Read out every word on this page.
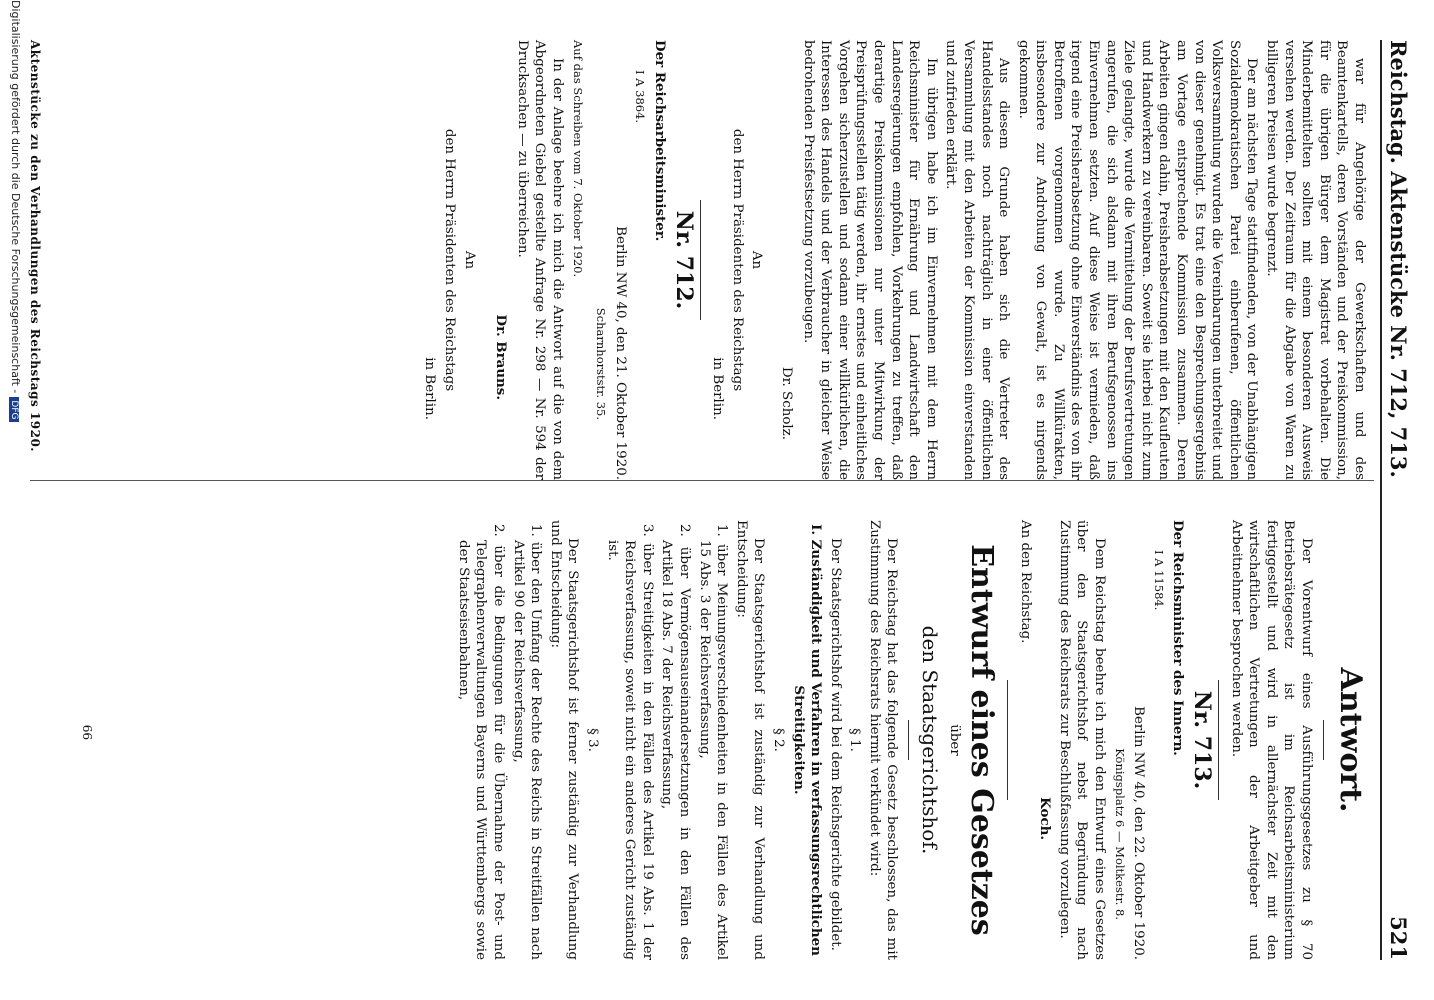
Reichstag. Aktenstücke Nr. 712, 713.
521

war für Angehörige der Gewerkschaften und des Beamtenkartells, deren Vorständen und der Preiskommission, für die übrigen Bürger dem Magistrat vorbehalten. Die Minderbemittelten sollten mit einem besonderen Ausweis versehen werden. Der Zeitraum für die Abgabe von Waren zu billigeren Preisen wurde begrenzt.

Der am nächsten Tage stattfindenden, von der Unabhängigen Sozialdemokratischen Partei einberufenen, öffentlichen Volksversammlung wurden die Vereinbarungen unterbreitet und von dieser genehmigt. Es trat eine den Besprechungsergebnis am Vortage entsprechende Kommission zusammen. Deren Arbeiten gingen dahin, Preisherabsetzungen mit den Kaufleuten und Handwerkern zu vereinbaren. Soweit sie hierbei nicht zum Ziele gelangte, wurde die Vermittelung der Berufsvertretungen angerufen, die sich alsdann mit ihren Berufsgenossen ins Einvernehmen setzten. Auf diese Weise ist vermieden, daß irgend eine Preisherabsetzung ohne Einverständnis des von ihr Betroffenen vorgenommen wurde. Zu Willkürakten, insbesondere zur Androhung von Gewalt, ist es nirgends gekommen.

Aus diesem Grunde haben sich die Vertreter des Handelsstandes noch nachträglich in einer öffentlichen Versammlung mit den Arbeiten der Kommission einverstanden und zufrieden erklärt.

Im übrigen habe ich im Einvernehmen mit dem Herrn Reichsminister für Ernährung und Landwirtschaft den Landesregierungen empfohlen, Vorkehrungen zu treffen, daß derartige Preiskommissionen nur unter Mitwirkung der Preisprüfungsstellen tätig werden, ihr ernstes und einheitliches Vorgehen sicherzustellen und sodann einer willkürlichen, die Interessen des Handels und der Verbraucher in gleicher Weise bedrohenden Preisfestsetzung vorzubeugen.

Dr. Scholz.

An

den Herrn Präsidenten des Reichstags

in Berlin.

Nr. 712.

Der Reichsarbeitsminister.

I A 3864.

Berlin NW 40, den 21. Oktober 1920.

Scharnhorststr. 35.

Auf das Schreiben vom 7. Oktober 1920.

In der Anlage beehre ich mich die Antwort auf die von dem Abgeordneten Giebel gestellte Anfrage Nr. 298 — Nr. 594 der Drucksachen — zu überreichen.

Dr. Brauns.

An

den Herrn Präsidenten des Reichstags

in Berlin.

Antwort.

Der Vorentwurf eines Ausführungsgesetzes zu § 70 Betriebsrätegesetz ist im Reichsarbeitsministerium fertiggestellt und wird in allernächster Zeit mit den wirtschaftlichen Vertretungen der Arbeitgeber und Arbeitnehmer besprochen werden.

Nr. 713.

Der Reichsminister des Innern.

I A 11584.

Berlin NW 40, den 22. Oktober 1920.

Königsplatz 6 — Moltkestr. 8.

Dem Reichstag beehre ich mich den Entwurf eines Gesetzes über den Staatsgerichtshof nebst Begründung nach Zustimmung des Reichsrats zur Beschlußfassung vorzulegen.

Koch.

An den Reichstag.

Entwurf eines Gesetzes

über

den Staatsgerichtshof.

Der Reichstag hat das folgende Gesetz beschlossen, das mit Zustimmung des Reichsrats hiermit verkündet wird:

§ 1.

Der Staatsgerichtshof wird bei dem Reichsgerichte gebildet.

I. Zuständigkeit und Verfahren in verfassungsrechtlichen Streitigkeiten.

§ 2.

Der Staatsgerichtshof ist zuständig zur Verhandlung und Entscheidung:

1. über Meinungsverschiedenheiten in den Fällen des Artikel 15 Abs. 3 der Reichsverfassung,

2. über Vermögensauseinandersetzungen in den Fällen des Artikel 18 Abs. 7 der Reichsverfassung,

3. über Streitigkeiten in den Fällen des Artikel 19 Abs. 1 der Reichsverfassung, soweit nicht ein anderes Gericht zuständig ist.

§ 3.

Der Staatsgerichtshof ist ferner zuständig zur Verhandlung und Entscheidung:

1. über den Umfang der Rechte des Reichs in Streitfällen nach Artikel 90 der Reichsverfassung,

2. über die Bedingungen für die Übernahme der Post- und Telegraphenverwaltungen Bayerns und Württembergs sowie der Staatseisenbahnen,

Aktenstücke zu den Verhandlungen des Reichstags 1920.
66
Digitalisierung gefördert durch die Deutsche Forschungsgemeinschaft -DFG
